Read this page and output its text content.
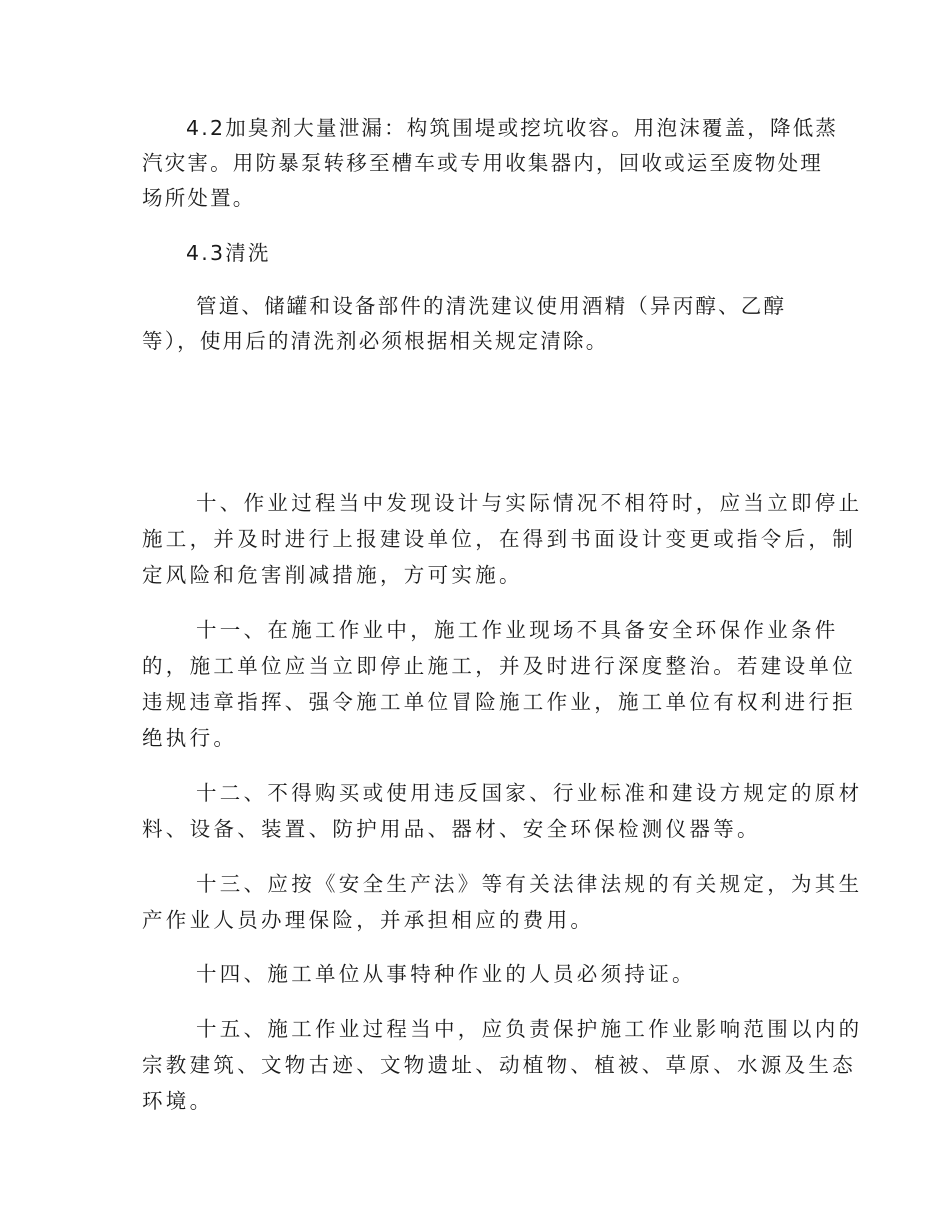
4.2加臭剂大量泄漏：构筑围堤或挖坑收容。用泡沫覆盖，降低蒸
汽灾害。用防暴泵转移至槽车或专用收集器内，回收或运至废物处理
场所处置。
4.3清洗
管道、储罐和设备部件的清洗建议使用酒精（异丙醇、乙醇
等），使用后的清洗剂必须根据相关规定清除。
十、作业过程当中发现设计与实际情况不相符时，应当立即停止
施工，并及时进行上报建设单位，在得到书面设计变更或指令后，制
定风险和危害削减措施，方可实施。
十一、在施工作业中，施工作业现场不具备安全环保作业条件
的，施工单位应当立即停止施工，并及时进行深度整治。若建设单位
违规违章指挥、强令施工单位冒险施工作业，施工单位有权利进行拒
绝执行。
十二、不得购买或使用违反国家、行业标准和建设方规定的原材
料、设备、装置、防护用品、器材、安全环保检测仪器等。
十三、应按《安全生产法》等有关法律法规的有关规定，为其生
产作业人员办理保险，并承担相应的费用。
十四、施工单位从事特种作业的人员必须持证。
十五、施工作业过程当中，应负责保护施工作业影响范围以内的
宗教建筑、文物古迹、文物遗址、动植物、植被、草原、水源及生态
环境。
